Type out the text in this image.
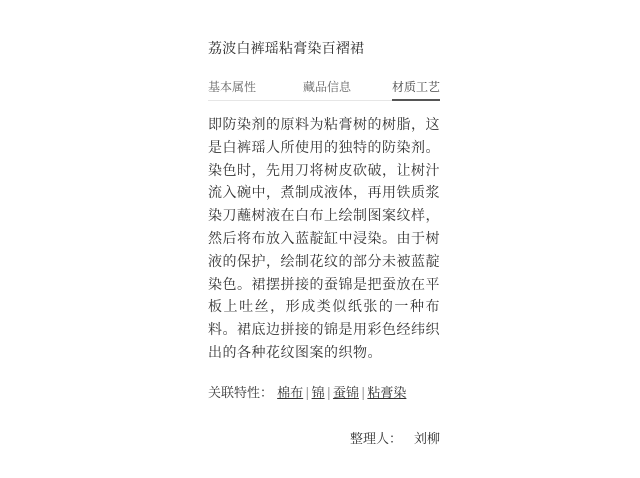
荔波白裤瑶粘膏染百褶裙
基本属性	藏品信息	材质工艺
即防染剂的原料为粘膏树的树脂，这是白裤瑶人所使用的独特的防染剂。染色时，先用刀将树皮砍破，让树汁流入碗中，煮制成液体，再用铁质浆染刀蘸树液在白布上绘制图案纹样，然后将布放入蓝靛缸中浸染。由于树液的保护，绘制花纹的部分未被蓝靛染色。裙摆拼接的蚕锦是把蚕放在平板上吐丝，形成类似纸张的一种布料。裙底边拼接的锦是用彩色经纬织出的各种花纹图案的织物。
关联特性： 棉布 | 锦 | 蚕锦 | 粘膏染
整理人： 刘柳
